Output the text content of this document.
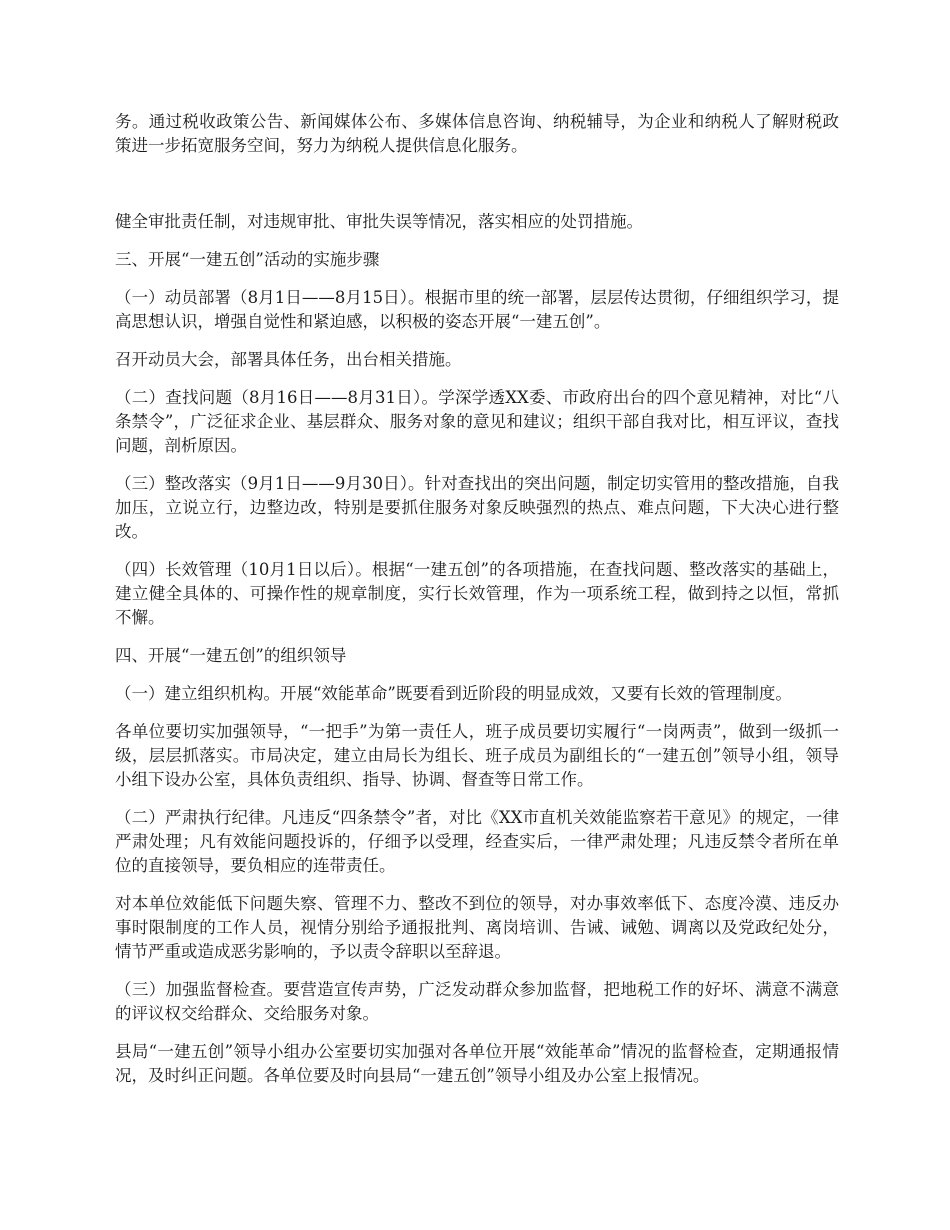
务。通过税收政策公告、新闻媒体公布、多媒体信息咨询、纳税辅导，为企业和纳税人了解财税政策进一步拓宽服务空间，努力为纳税人提供信息化服务。

健全审批责任制，对违规审批、审批失误等情况，落实相应的处罚措施。

三、开展“一建五创”活动的实施步骤

（一）动员部署（8月1日——8月15日）。根据市里的统一部署，层层传达贯彻，仔细组织学习，提高思想认识，增强自觉性和紧迫感，以积极的姿态开展“一建五创”。

召开动员大会，部署具体任务，出台相关措施。

（二）查找问题（8月16日——8月31日）。学深学透XX委、市政府出台的四个意见精神，对比“八条禁令”，广泛征求企业、基层群众、服务对象的意见和建议；组织干部自我对比，相互评议，查找问题，剖析原因。

（三）整改落实（9月1日——9月30日）。针对查找出的突出问题，制定切实管用的整改措施，自我加压，立说立行，边整边改，特别是要抓住服务对象反映强烈的热点、难点问题，下大决心进行整改。

（四）长效管理（10月1日以后）。根据“一建五创”的各项措施，在查找问题、整改落实的基础上，建立健全具体的、可操作性的规章制度，实行长效管理，作为一项系统工程，做到持之以恒，常抓不懈。

四、开展“一建五创”的组织领导

（一）建立组织机构。开展“效能革命”既要看到近阶段的明显成效，又要有长效的管理制度。

各单位要切实加强领导，“一把手”为第一责任人，班子成员要切实履行“一岗两责”，做到一级抓一级，层层抓落实。市局决定，建立由局长为组长、班子成员为副组长的“一建五创”领导小组，领导小组下设办公室，具体负责组织、指导、协调、督查等日常工作。

（二）严肃执行纪律。凡违反“四条禁令”者，对比《XX市直机关效能监察若干意见》的规定，一律严肃处理；凡有效能问题投诉的，仔细予以受理，经查实后，一律严肃处理；凡违反禁令者所在单位的直接领导，要负相应的连带责任。

对本单位效能低下问题失察、管理不力、整改不到位的领导，对办事效率低下、态度冷漠、违反办事时限制度的工作人员，视情分别给予通报批判、离岗培训、告诫、诫勉、调离以及党政纪处分，情节严重或造成恶劣影响的，予以责令辞职以至辞退。

（三）加强监督检查。要营造宣传声势，广泛发动群众参加监督，把地税工作的好坏、满意不满意的评议权交给群众、交给服务对象。

县局“一建五创”领导小组办公室要切实加强对各单位开展“效能革命”情况的监督检查，定期通报情况，及时纠正问题。各单位要及时向县局“一建五创”领导小组及办公室上报情况。
